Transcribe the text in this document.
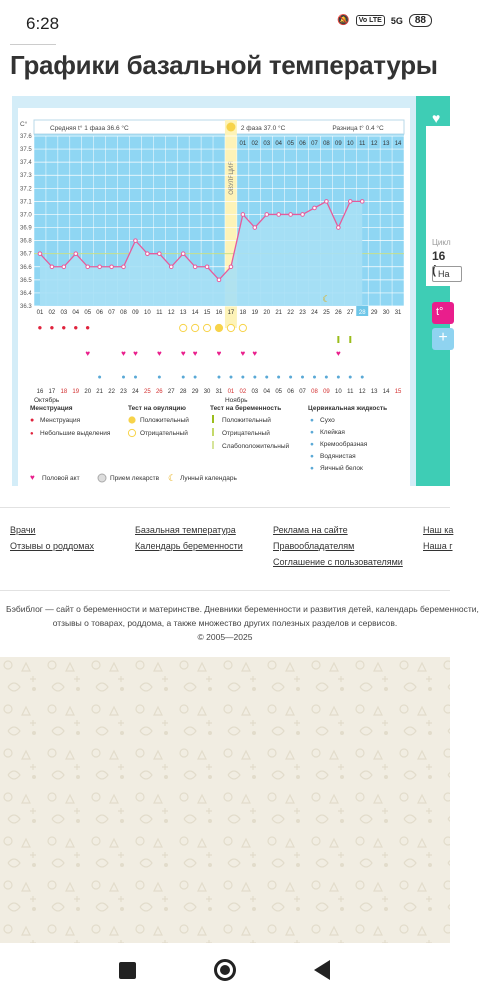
6:28	🔕	Vo LTE	5G	88
Графики базальной температуры
♥
Цикл
16 ( На
t°
+
C°
Средняя t° 1 фаза 36.6 °C
ОВУЛЯЦИЯ
2 фаза 37.0 °C	Разница t° 0.4 °C
01 02 03 04 05 06 07 08 09 10 11 12 13 14
37.6
37.5
37.4
37.3
37.2
37.1
37.0
36.9
36.8
36.7
36.6
36.5
36.4
36.3
☾
01 02 03 04 05 06 07 08 09 10 11 12 13 14 15 16 17 18 19 20 21 22 23 24 25 26 27 28 29 30 31
● ● ● ● ●
♥	♥ ♥ ♥ ♥ ♥ ♥ ♥ ♥	♥
●	● ●	●	● ●	● ● ● ● ● ● ● ● ● ● ● ● ●
16 17 18 19 20 21 22 23 24 25 26 27 28 29 30 31 01 02 03 04 05 06 07 08 09 10 11 12 13 14 15
Октябрь	Ноябрь
Менструация
● Менструация
● Небольшие выделения
Тест на овуляцию
Положительный
Отрицательный
Тест на беременность
Положительный
Отрицательный
Слабоположительный
Цервикальная жидкость
● Сухо
● Клейкая
● Кремообразная
● Водянистая
● Яичный белок
♥ Половой акт	Прием лекарств ☾ Лунный календарь
Врачи
Отзывы о роддомах
Базальная температура
Календарь беременности
Реклама на сайте
Правообладателям
Соглашение с пользователями
Наш ка
Наша г
Бэбиблог — сайт о беременности и материнстве. Дневники беременности и развития детей, календарь беременности,
отзывы о товарах, роддома, а также множество других полезных разделов и сервисов.
© 2005—2025
